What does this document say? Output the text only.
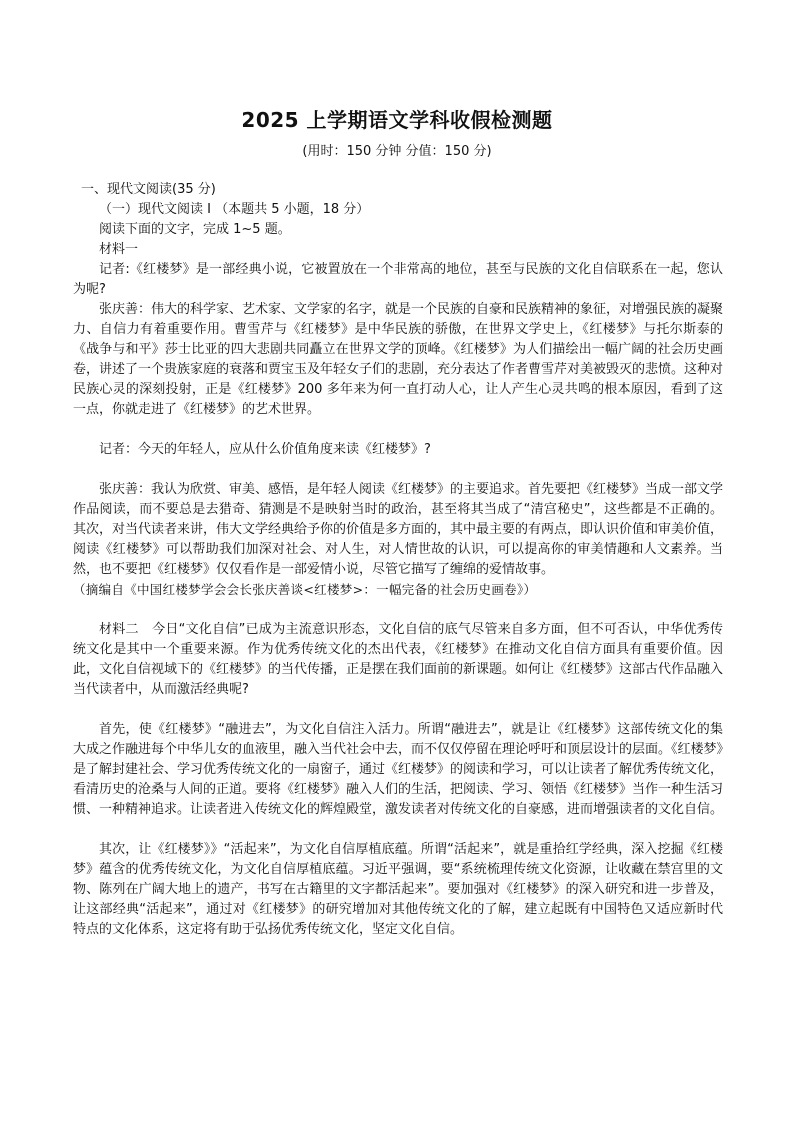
2025 上学期语文学科收假检测题
(用时：150 分钟 分值：150 分)

一、现代文阅读(35 分)

（一）现代文阅读 I （本题共 5 小题，18 分）

阅读下面的文字，完成 1~5 题。

材料一

记者:《红楼梦》是一部经典小说，它被置放在一个非常高的地位，甚至与民族的文化自信联系在一起，您认为呢?

张庆善：伟大的科学家、艺术家、文学家的名字，就是一个民族的自豪和民族精神的象征，对增强民族的凝聚力、自信力有着重要作用。曹雪芹与《红楼梦》是中华民族的骄傲，在世界文学史上，《红楼梦》与托尔斯泰的《战争与和平》莎士比亚的四大悲剧共同矗立在世界文学的顶峰。《红楼梦》为人们描绘出一幅广阔的社会历史画卷，讲述了一个贵族家庭的衰落和贾宝玉及年轻女子们的悲剧，充分表达了作者曹雪芹对美被毁灭的悲愤。这种对民族心灵的深刻投射，正是《红楼梦》200 多年来为何一直打动人心，让人产生心灵共鸣的根本原因，看到了这一点，你就走进了《红楼梦》的艺术世界。

记者：今天的年轻人，应从什么价值角度来读《红楼梦》?

张庆善：我认为欣赏、审美、感悟，是年轻人阅读《红楼梦》的主要追求。首先要把《红楼梦》当成一部文学作品阅读，而不要总是去猎奇、猜测是不是映射当时的政治，甚至将其当成了“清宫秘史”，这些都是不正确的。其次，对当代读者来讲，伟大文学经典给予你的价值是多方面的，其中最主要的有两点，即认识价值和审美价值，阅读《红楼梦》可以帮助我们加深对社会、对人生，对人情世故的认识，可以提高你的审美情趣和人文素养。当然，也不要把《红楼梦》仅仅看作是一部爱情小说，尽管它描写了缠绵的爱情故事。

（摘编自《中国红楼梦学会会长张庆善谈<红楼梦>：一幅完备的社会历史画卷》）

材料二　今日“文化自信”已成为主流意识形态，文化自信的底气尽管来自多方面，但不可否认，中华优秀传统文化是其中一个重要来源。作为优秀传统文化的杰出代表，《红楼梦》在推动文化自信方面具有重要价值。因此，文化自信视域下的《红楼梦》的当代传播，正是摆在我们面前的新课题。如何让《红楼梦》这部古代作品融入当代读者中，从而激活经典呢?

首先，使《红楼梦》“融进去”，为文化自信注入活力。所谓“融进去”，就是让《红楼梦》这部传统文化的集大成之作融进每个中华儿女的血液里，融入当代社会中去，而不仅仅停留在理论呼吁和顶层设计的层面。《红楼梦》是了解封建社会、学习优秀传统文化的一扇窗子，通过《红楼梦》的阅读和学习，可以让读者了解优秀传统文化，看清历史的沧桑与人间的正道。要将《红楼梦》融入人们的生活，把阅读、学习、领悟《红楼梦》当作一种生活习惯、一种精神追求。让读者进入传统文化的辉煌殿堂，激发读者对传统文化的自豪感，进而增强读者的文化自信。

其次，让《红楼梦》》“活起来”，为文化自信厚植底蕴。所谓“活起来”，就是重拾红学经典，深入挖掘《红楼梦》蕴含的优秀传统文化，为文化自信厚植底蕴。习近平强调，要“系统梳理传统文化资源，让收藏在禁宫里的文物、陈列在广阔大地上的遗产，书写在古籍里的文字都活起来”。要加强对《红楼梦》的深入研究和进一步普及，让这部经典“活起来”，通过对《红楼梦》的研究增加对其他传统文化的了解，建立起既有中国特色又适应新时代特点的文化体系，这定将有助于弘扬优秀传统文化，坚定文化自信。
